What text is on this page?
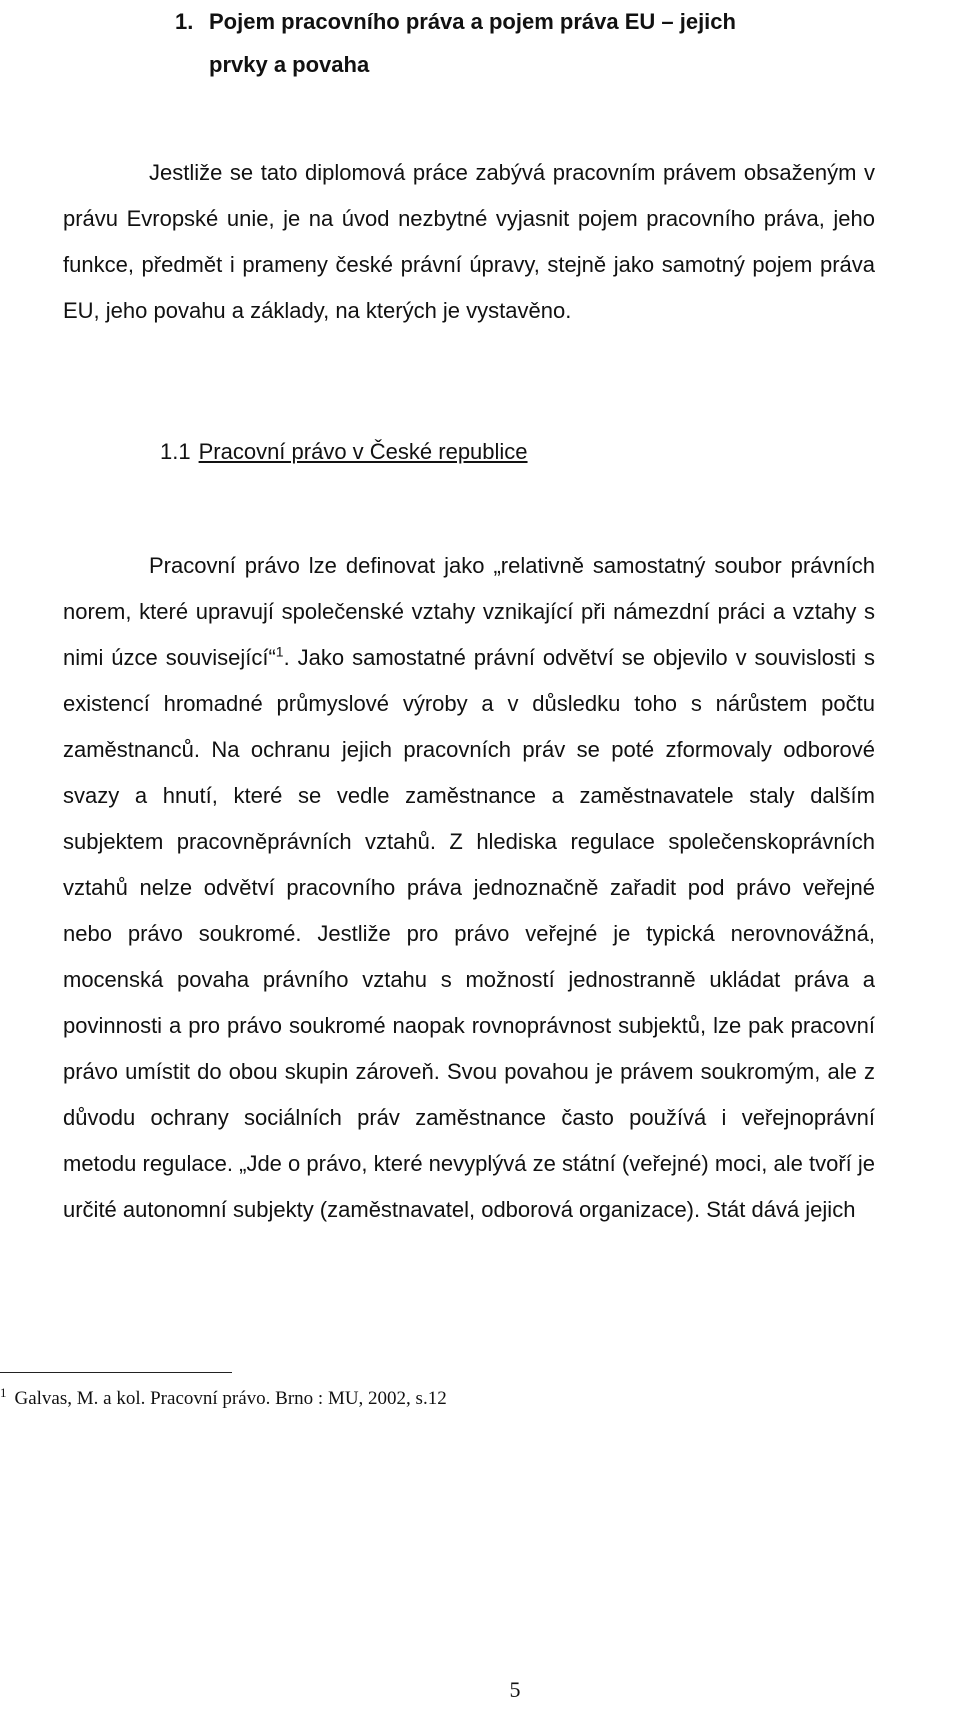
1. Pojem pracovního práva a pojem práva EU – jejich
prvky a povaha
Jestliže se tato diplomová práce zabývá pracovním právem obsaženým v právu Evropské unie, je na úvod nezbytné vyjasnit pojem pracovního práva, jeho funkce, předmět i prameny české právní úpravy, stejně jako samotný pojem práva EU, jeho povahu a základy, na kterých je vystavěno.
1.1 Pracovní právo v České republice
Pracovní právo lze definovat jako „relativně samostatný soubor právních norem, které upravují společenské vztahy vznikající při námezdní práci a vztahy s nimi úzce související“$^1$. Jako samostatné právní odvětví se objevilo v souvislosti s existencí hromadné průmyslové výroby a v důsledku toho s nárůstem počtu zaměstnanců. Na ochranu jejich pracovních práv se poté zformovaly odborové svazy a hnutí, které se vedle zaměstnance a zaměstnavatele staly dalším subjektem pracovněprávních vztahů. Z hlediska regulace společenskoprávních vztahů nelze odvětví pracovního práva jednoznačně zařadit pod právo veřejné nebo právo soukromé. Jestliže pro právo veřejné je typická nerovnovážná, mocenská povaha právního vztahu s možností jednostranně ukládat práva a povinnosti a pro právo soukromé naopak rovnoprávnost subjektů, lze pak pracovní právo umístit do obou skupin zároveň. Svou povahou je právem soukromým, ale z důvodu ochrany sociálních práv zaměstnance často používá i veřejnoprávní metodu regulace. „Jde o právo, které nevyplývá ze státní (veřejné) moci, ale tvoří je určité autonomní subjekty (zaměstnavatel, odborová organizace). Stát dává jejich
$^1$ Galvas, M. a kol. Pracovní právo. Brno : MU, 2002, s.12
5
